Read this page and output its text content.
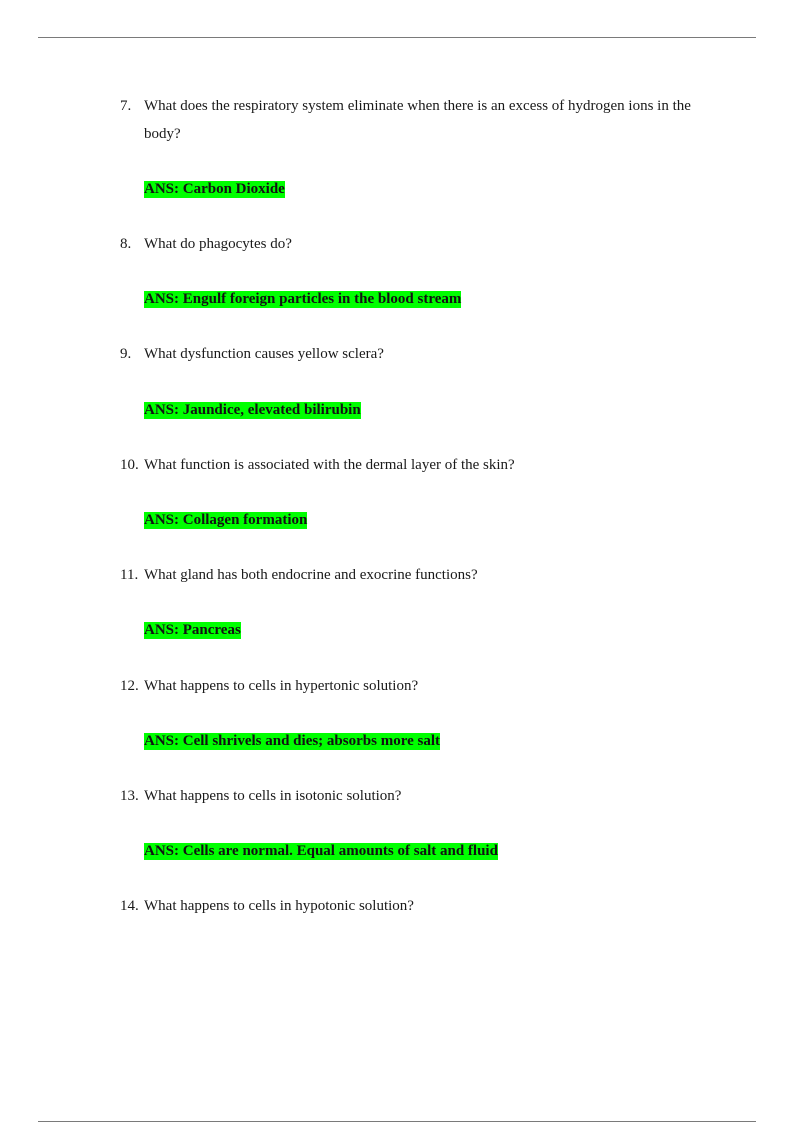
7. What does the respiratory system eliminate when there is an excess of hydrogen ions in the body?
ANS: Carbon Dioxide
8. What do phagocytes do?
ANS: Engulf foreign particles in the blood stream
9. What dysfunction causes yellow sclera?
ANS: Jaundice, elevated bilirubin
10. What function is associated with the dermal layer of the skin?
ANS: Collagen formation
11. What gland has both endocrine and exocrine functions?
ANS: Pancreas
12. What happens to cells in hypertonic solution?
ANS: Cell shrivels and dies; absorbs more salt
13. What happens to cells in isotonic solution?
ANS: Cells are normal. Equal amounts of salt and fluid
14. What happens to cells in hypotonic solution?
